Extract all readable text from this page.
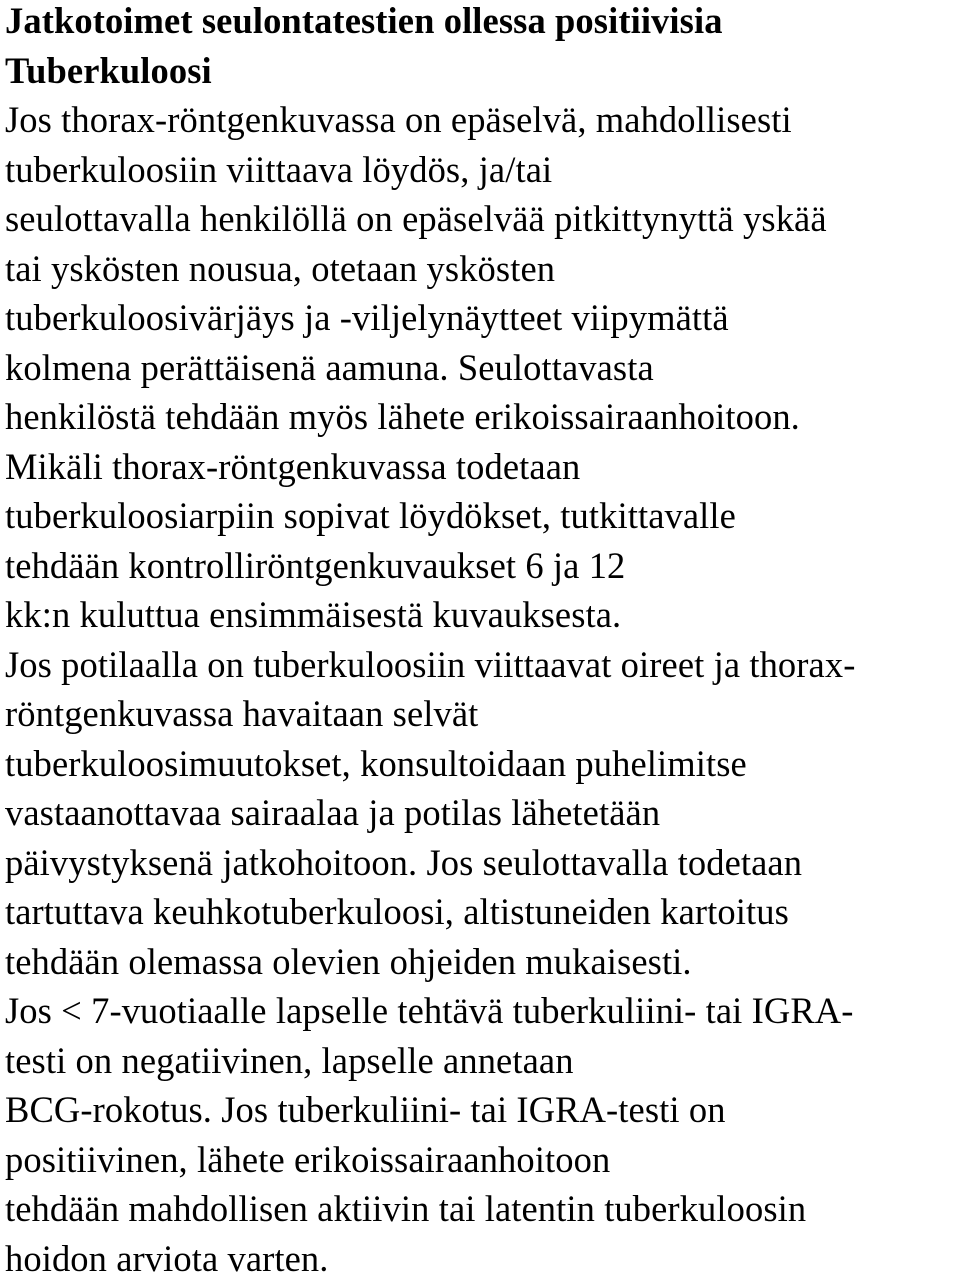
Jatkotoimet seulontatestien ollessa positiivisia
Tuberkuloosi
Jos thorax-röntgenkuvassa on epäselvä, mahdollisesti
tuberkuloosiin viittaava löydös, ja/tai
seulottavalla henkilöllä on epäselvää pitkittynyttä yskää
tai yskösten nousua, otetaan yskösten
tuberkuloosivärjäys ja -viljelynäytteet viipymättä
kolmena perättäisenä aamuna. Seulottavasta
henkilöstä tehdään myös lähete erikoissairaanhoitoon.
Mikäli thorax-röntgenkuvassa todetaan
tuberkuloosiarpiin sopivat löydökset, tutkittavalle
tehdään kontrolliröntgenkuvaukset 6 ja 12
kk:n kuluttua ensimmäisestä kuvauksesta.
Jos potilaalla on tuberkuloosiin viittaavat oireet ja thorax-
röntgenkuvassa havaitaan selvät
tuberkuloosimuutokset, konsultoidaan puhelimitse
vastaanottavaa sairaalaa ja potilas lähetetään
päivystyksenä jatkohoitoon. Jos seulottavalla todetaan
tartuttava keuhkotuberkuloosi, altistuneiden kartoitus
tehdään olemassa olevien ohjeiden mukaisesti.
Jos < 7-vuotiaalle lapselle tehtävä tuberkuliini- tai IGRA-
testi on negatiivinen, lapselle annetaan
BCG-rokotus. Jos tuberkuliini- tai IGRA-testi on
positiivinen, lähete erikoissairaanhoitoon
tehdään mahdollisen aktiivin tai latentin tuberkuloosin
hoidon arviota varten.
